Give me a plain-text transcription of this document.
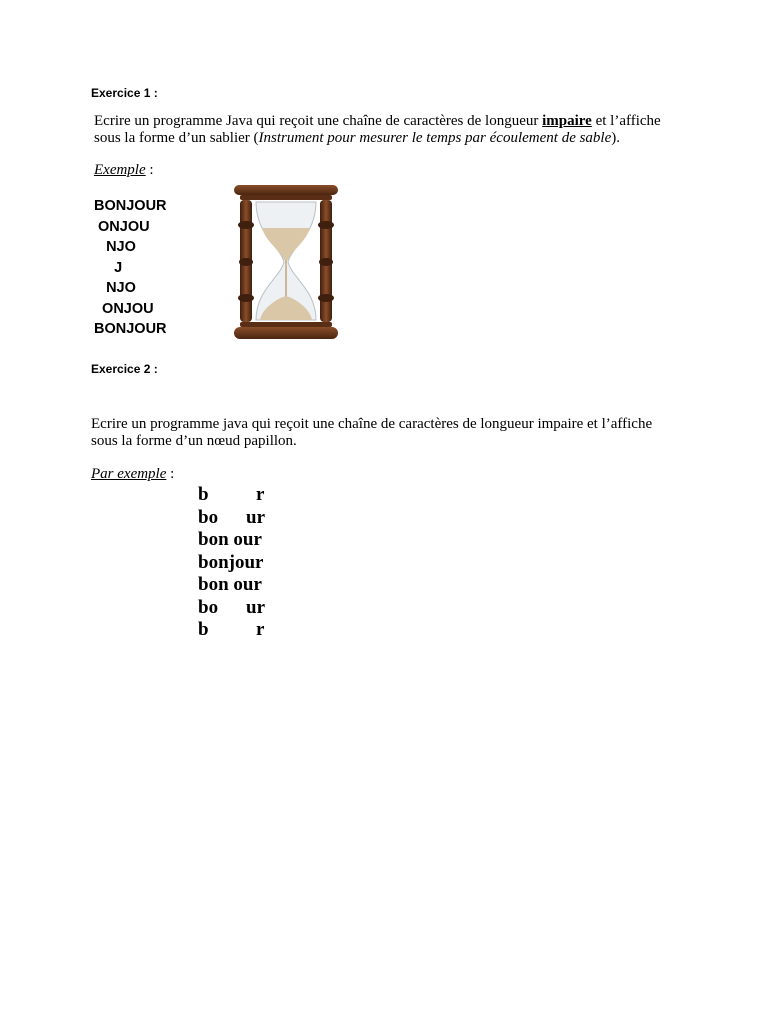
Exercice 1 :
Ecrire un programme Java qui reçoit une chaîne de caractères de longueur impaire et l’affiche
sous la forme d’un sablier (Instrument pour mesurer le temps par écoulement de sable).
Exemple :
BONJOUR
ONJOU
NJO
J
NJO
ONJOU
BONJOUR
Exercice 2 :
Ecrire un programme java qui reçoit une chaîne de caractères de longueur impaire et l’affiche
sous la forme d’un nœud papillon.
Par exemple :
b r
bo ur
bon our
bonjour
bon our
bo ur
b r
